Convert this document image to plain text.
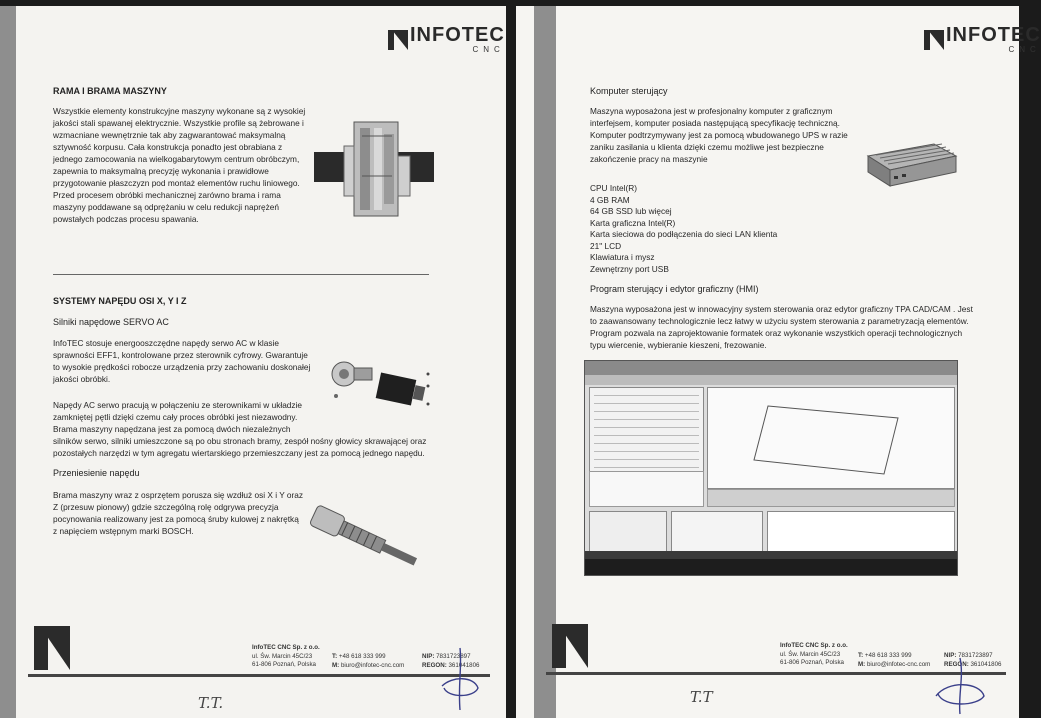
INFOTEC
CNC
RAMA I BRAMA MASZYNY
Wszystkie elementy konstrukcyjne maszyny wykonane są z wysokiej
jakości stali spawanej elektrycznie. Wszystkie profile są żebrowane i
wzmacniane wewnętrznie tak aby zagwarantować maksymalną
sztywność korpusu. Cała konstrukcja ponadto jest obrabiana z
jednego zamocowania na wielkogabarytowym centrum obróbczym,
zapewnia to maksymalną precyzję wykonania i prawidłowe
przygotowanie płaszczyzn pod montaż elementów ruchu liniowego.
Przed procesem obróbki mechanicznej zarówno brama i rama
maszyny poddawane są odprężaniu w celu redukcji naprężeń
powstałych podczas procesu spawania.
SYSTEMY NAPĘDU OSI X, Y I Z
Silniki napędowe SERVO AC
InfoTEC stosuje energooszczędne napędy serwo AC w klasie
sprawności EFF1, kontrolowane przez sterownik cyfrowy. Gwarantuje
to wysokie prędkości robocze urządzenia przy zachowaniu doskonałej
jakości obróbki.
Napędy AC serwo pracują w połączeniu ze sterownikami w układzie
zamkniętej pętli dzięki czemu cały proces obróbki jest niezawodny.
Brama maszyny napędzana jest za pomocą dwóch niezależnych
silników serwo, silniki umieszczone są po obu stronach bramy, zespół nośny głowicy skrawającej oraz
pozostałych narzędzi w tym agregatu wiertarskiego przemieszczany jest za pomocą jednego napędu.
Przeniesienie napędu
Brama maszyny wraz z osprzętem porusza się wzdłuż osi X i Y oraz
Z (przesuw pionowy) gdzie szczególną rolę odgrywa precyzja
pocynowania realizowany jest za pomocą śruby kulowej z nakrętką
z napięciem wstępnym marki BOSCH.
InfoTEC CNC Sp. z o.o.
ul. Św. Marcin 45C/23
61-806 Poznań, Polska
T: +48 618 333 999
M: biuro@infotec-cnc.com
NIP: 7831723897
REGON: 361041806
T.T.
INFOTEC
CNC
Komputer sterujący
Maszyna wyposażona jest w profesjonalny komputer z graficznym
interfejsem, komputer posiada następującą specyfikację techniczną.
Komputer podtrzymywany jest za pomocą wbudowanego UPS w razie
zaniku zasilania u klienta dzięki czemu możliwe jest bezpieczne
zakończenie pracy na maszynie
CPU Intel(R)
4 GB RAM
64 GB SSD lub więcej
Karta graficzna Intel(R)
Karta sieciowa do podłączenia do sieci LAN klienta
21" LCD
Klawiatura i mysz
Zewnętrzny port USB
Program sterujący i edytor graficzny (HMI)
Maszyna wyposażona jest w innowacyjny system sterowania oraz edytor graficzny TPA CAD/CAM . Jest
to zaawansowany technologicznie lecz łatwy w użyciu system sterowania z parametryzacją elementów.
Program pozwala na zaprojektowanie formatek oraz wykonanie wszystkich operacji technologicznych
typu wiercenie, wybieranie kieszeni, frezowanie.
InfoTEC CNC Sp. z o.o.
ul. Św. Marcin 45C/23
61-806 Poznań, Polska
T: +48 618 333 999
M: biuro@infotec-cnc.com
NIP: 7831723897
REGON: 361041806
T.T
